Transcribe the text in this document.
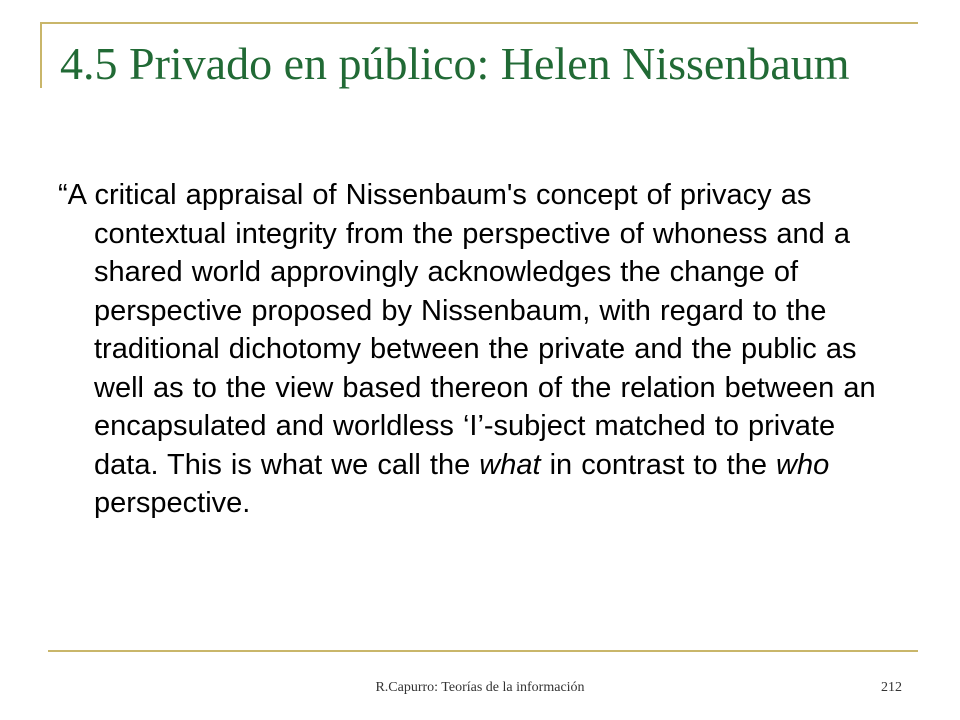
4.5 Privado en público: Helen Nissenbaum

“A critical appraisal of Nissenbaum's concept of privacy as contextual integrity from the perspective of whoness and a shared world approvingly acknowledges the change of perspective proposed by Nissenbaum, with regard to the traditional dichotomy between the private and the public as well as to the view based thereon of the relation between an encapsulated and worldless ‘I’-subject matched to private data. This is what we call the what in contrast to the who perspective.

R.Capurro: Teorías de la información	212
